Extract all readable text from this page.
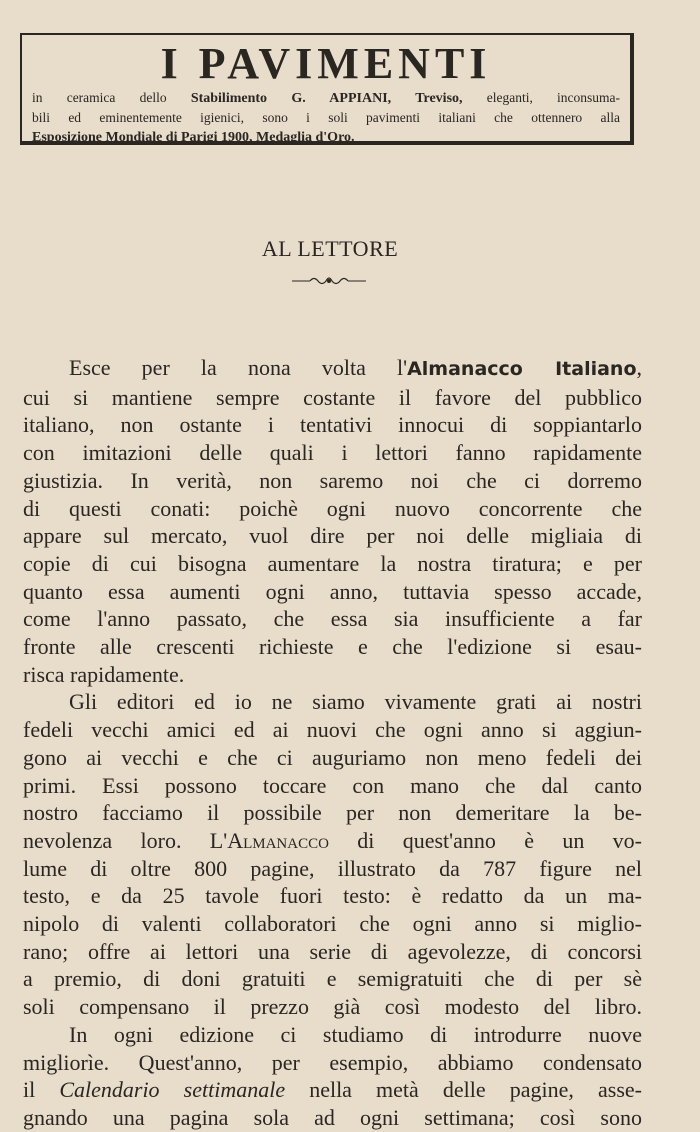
I PAVIMENTI
in ceramica dello Stabilimento G. APPIANI, Treviso, eleganti, inconsuma-
bili ed eminentemente igienici, sono i soli pavimenti italiani che ottennero alla
Esposizione Mondiale di Parigi 1900, Medaglia d'Oro.
AL LETTORE
Esce per la nona volta l'Almanacco Italiano,
cui si mantiene sempre costante il favore del pubblico
italiano, non ostante i tentativi innocui di soppiantarlo
con imitazioni delle quali i lettori fanno rapidamente
giustizia. In verità, non saremo noi che ci dorremo
di questi conati: poichè ogni nuovo concorrente che
appare sul mercato, vuol dire per noi delle migliaia di
copie di cui bisogna aumentare la nostra tiratura; e per
quanto essa aumenti ogni anno, tuttavia spesso accade,
come l'anno passato, che essa sia insufficiente a far
fronte alle crescenti richieste e che l'edizione si esau-
risca rapidamente.
Gli editori ed io ne siamo vivamente grati ai nostri
fedeli vecchi amici ed ai nuovi che ogni anno si aggiun-
gono ai vecchi e che ci auguriamo non meno fedeli dei
primi. Essi possono toccare con mano che dal canto
nostro facciamo il possibile per non demeritare la be-
nevolenza loro. L'Almanacco di quest'anno è un vo-
lume di oltre 800 pagine, illustrato da 787 figure nel
testo, e da 25 tavole fuori testo: è redatto da un ma-
nipolo di valenti collaboratori che ogni anno si miglio-
rano; offre ai lettori una serie di agevolezze, di concorsi
a premio, di doni gratuiti e semigratuiti che di per sè
soli compensano il prezzo già così modesto del libro.
In ogni edizione ci studiamo di introdurre nuove
migliorìe. Quest'anno, per esempio, abbiamo condensato
il Calendario settimanale nella metà delle pagine, asse-
gnando una pagina sola ad ogni settimana; così sono
